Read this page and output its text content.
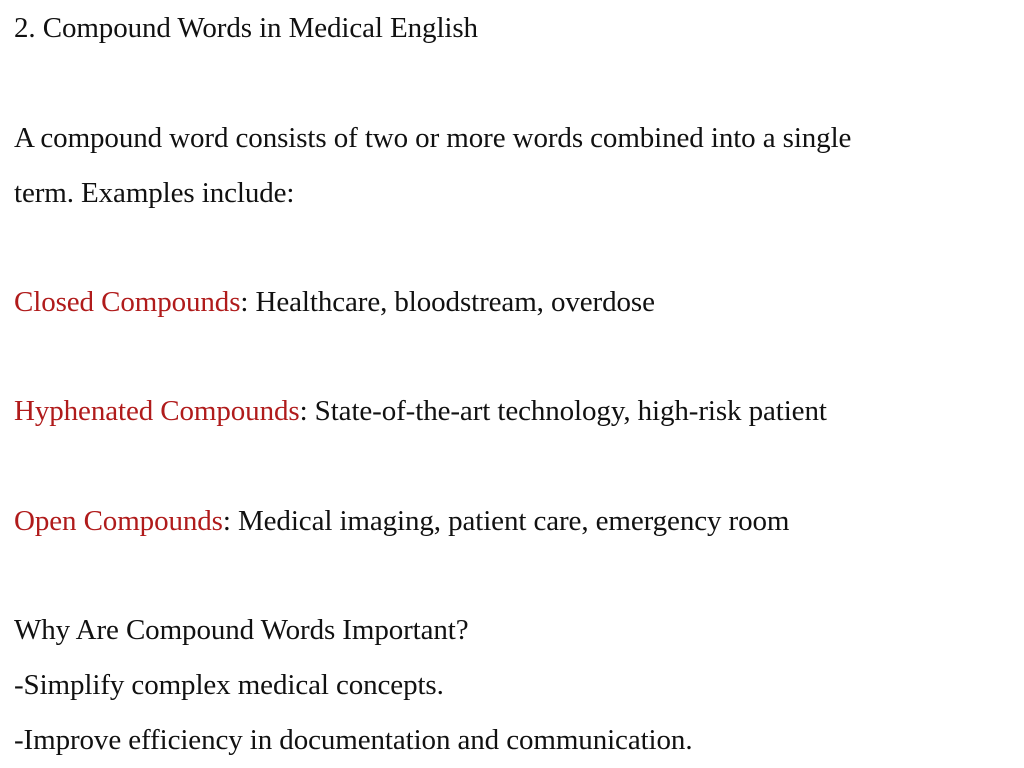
2. Compound Words in Medical English
A compound word consists of two or more words combined into a single
term. Examples include:
Closed Compounds: Healthcare, bloodstream, overdose
Hyphenated Compounds: State-of-the-art technology, high-risk patient
Open Compounds: Medical imaging, patient care, emergency room
Why Are Compound Words Important?
-Simplify complex medical concepts.
-Improve efficiency in documentation and communication.
